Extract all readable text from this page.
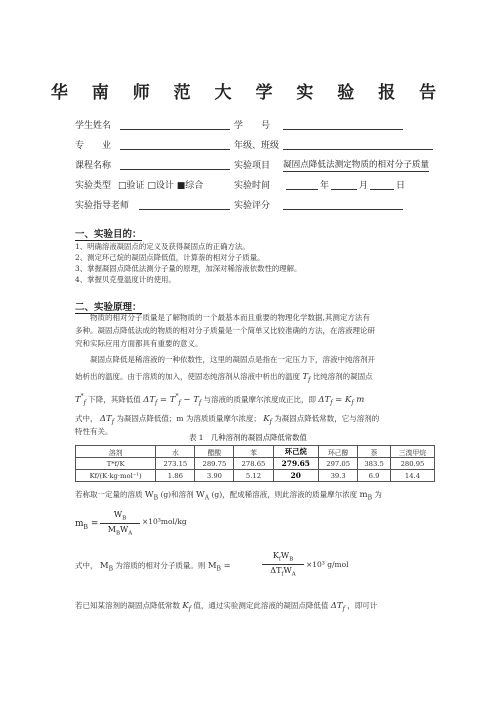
华 南 师 范 大 学 实 验 报 告
学生姓名	学　　号
专　　业	年级、班级
课程名称	实验项目 凝固点降低法测定物质的相对分子质量
实验类型 □验证 □设计 ■综合	实验时间	年	月	日
实验指导老师	实验评分
一、实验目的：
1、明确溶液凝固点的定义及获得凝固点的正确方法。
2、测定环己烷的凝固点降低值，计算萘的相对分子质量。
3、掌握凝固点降低法测分子量的原理，加深对稀溶液依数性的理解。
4、掌握贝克曼温度计的使用。
二、实验原理：
物质的相对分子质量是了解物质的一个最基本而且重要的物理化学数据,其测定方法有
多种。凝固点降低法成的物质的相对分子质量是一个简单又比较准确的方法，在溶液理论研
究和实际应用方面都具有重要的意义。
凝固点降低是稀溶液的一种依数性，这里的凝固点是指在一定压力下，溶液中纯溶剂开
始析出的温度。由于溶质的加入，使固态纯溶剂从溶液中析出的温度 $T_f$ 比纯溶剂的凝固点
$T^*_f$ 下降，其降低值 $\Delta T_f = T^*_f - T_f$ 与溶液的质量摩尔浓度成正比，即 $\Delta T_f = K_f$ m
式中， $\Delta T_f$ 为凝固点降低值；m 为溶质质量摩尔浓度； $K_f$ 为凝固点降低常数，它与溶剂的
特性有关。
表 1　几种溶剂的凝固点降低常数值
溶剂	水	醋酸	苯	环己烷	环己醇	萘	三溴甲烷
T*f/K	273.15	289.75	278.65	279.65	297.05	383.5	280.95
Kf/(K·kg·mol⁻¹)	1.86	3.90	5.12	20	39.3	6.9	14.4
若称取一定量的溶质 $W_B$ (g)和溶剂 $W_A$ (g)，配成稀溶液，则此溶液的质量摩尔浓度 $m_B$ 为
$m_B$ =
$W_B$
$M_BW_A$
×10³mol/kg
式中， $M_B$ 为溶质的相对分子质量。则 $M_B$ =
$K_fW_B$
$\Delta T_fW_A$
×10³ g/mol
若已知某溶剂的凝固点降低常数 $K_f$ 值，通过实验测定此溶液的凝固点降低值 $\Delta T_f$ ，即可计
